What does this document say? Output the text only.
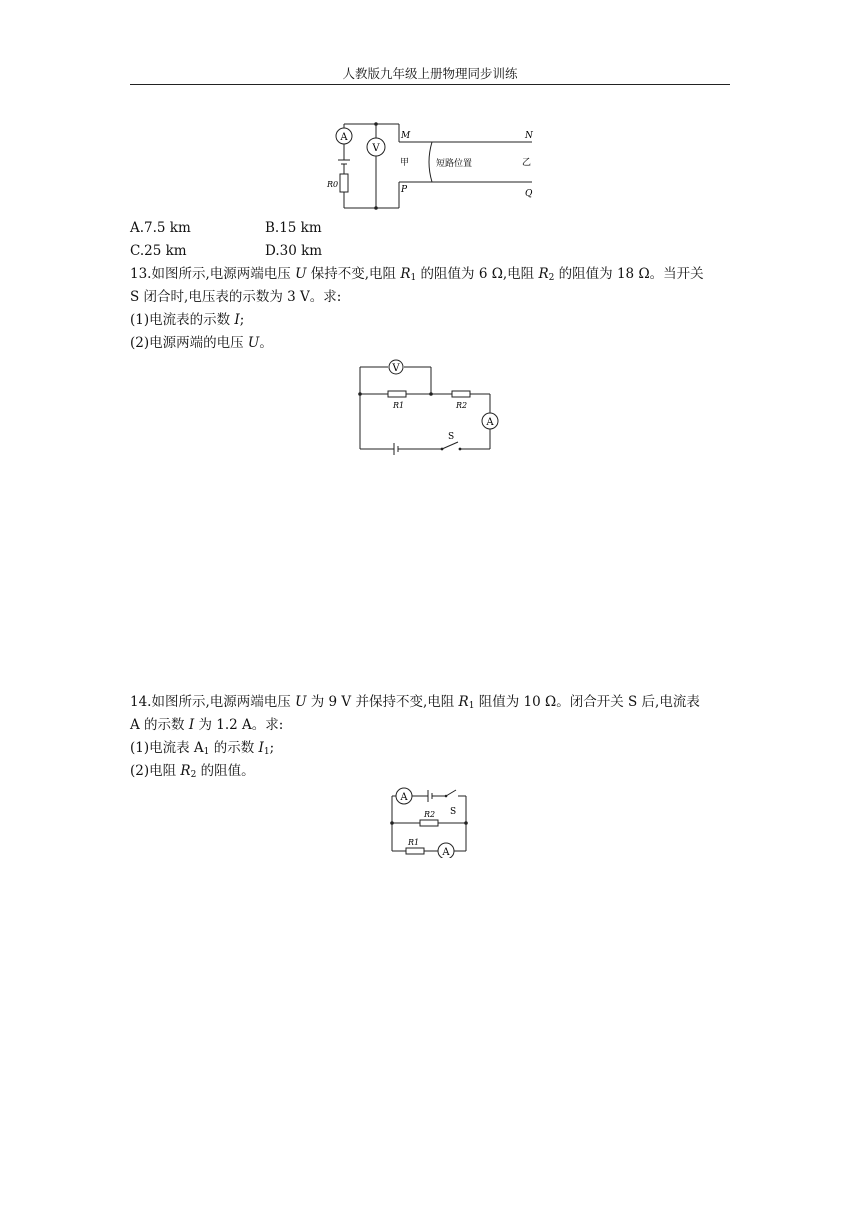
人教版九年级上册物理同步训练
A
V
R0
M	N
P	Q
甲	乙
短路位置
A.7.5 km	B.15 km
C.25 km	D.30 km
13.如图所示,电源两端电压 U 保持不变,电阻 $R_1$ 的阻值为 6 Ω,电阻 $R_2$ 的阻值为 18 Ω。当开关
S 闭合时,电压表的示数为 3 V。求:
(1)电流表的示数 I;
(2)电源两端的电压 U。
V
A
R1	R2
S
14.如图所示,电源两端电压 U 为 9 V 并保持不变,电阻 $R_1$ 阻值为 10 Ω。闭合开关 S 后,电流表
A 的示数 I 为 1.2 A。求:
(1)电流表 $A_1$ 的示数 $I_1$;
(2)电阻 $R_2$ 的阻值。
A
S
R2
R1
A
